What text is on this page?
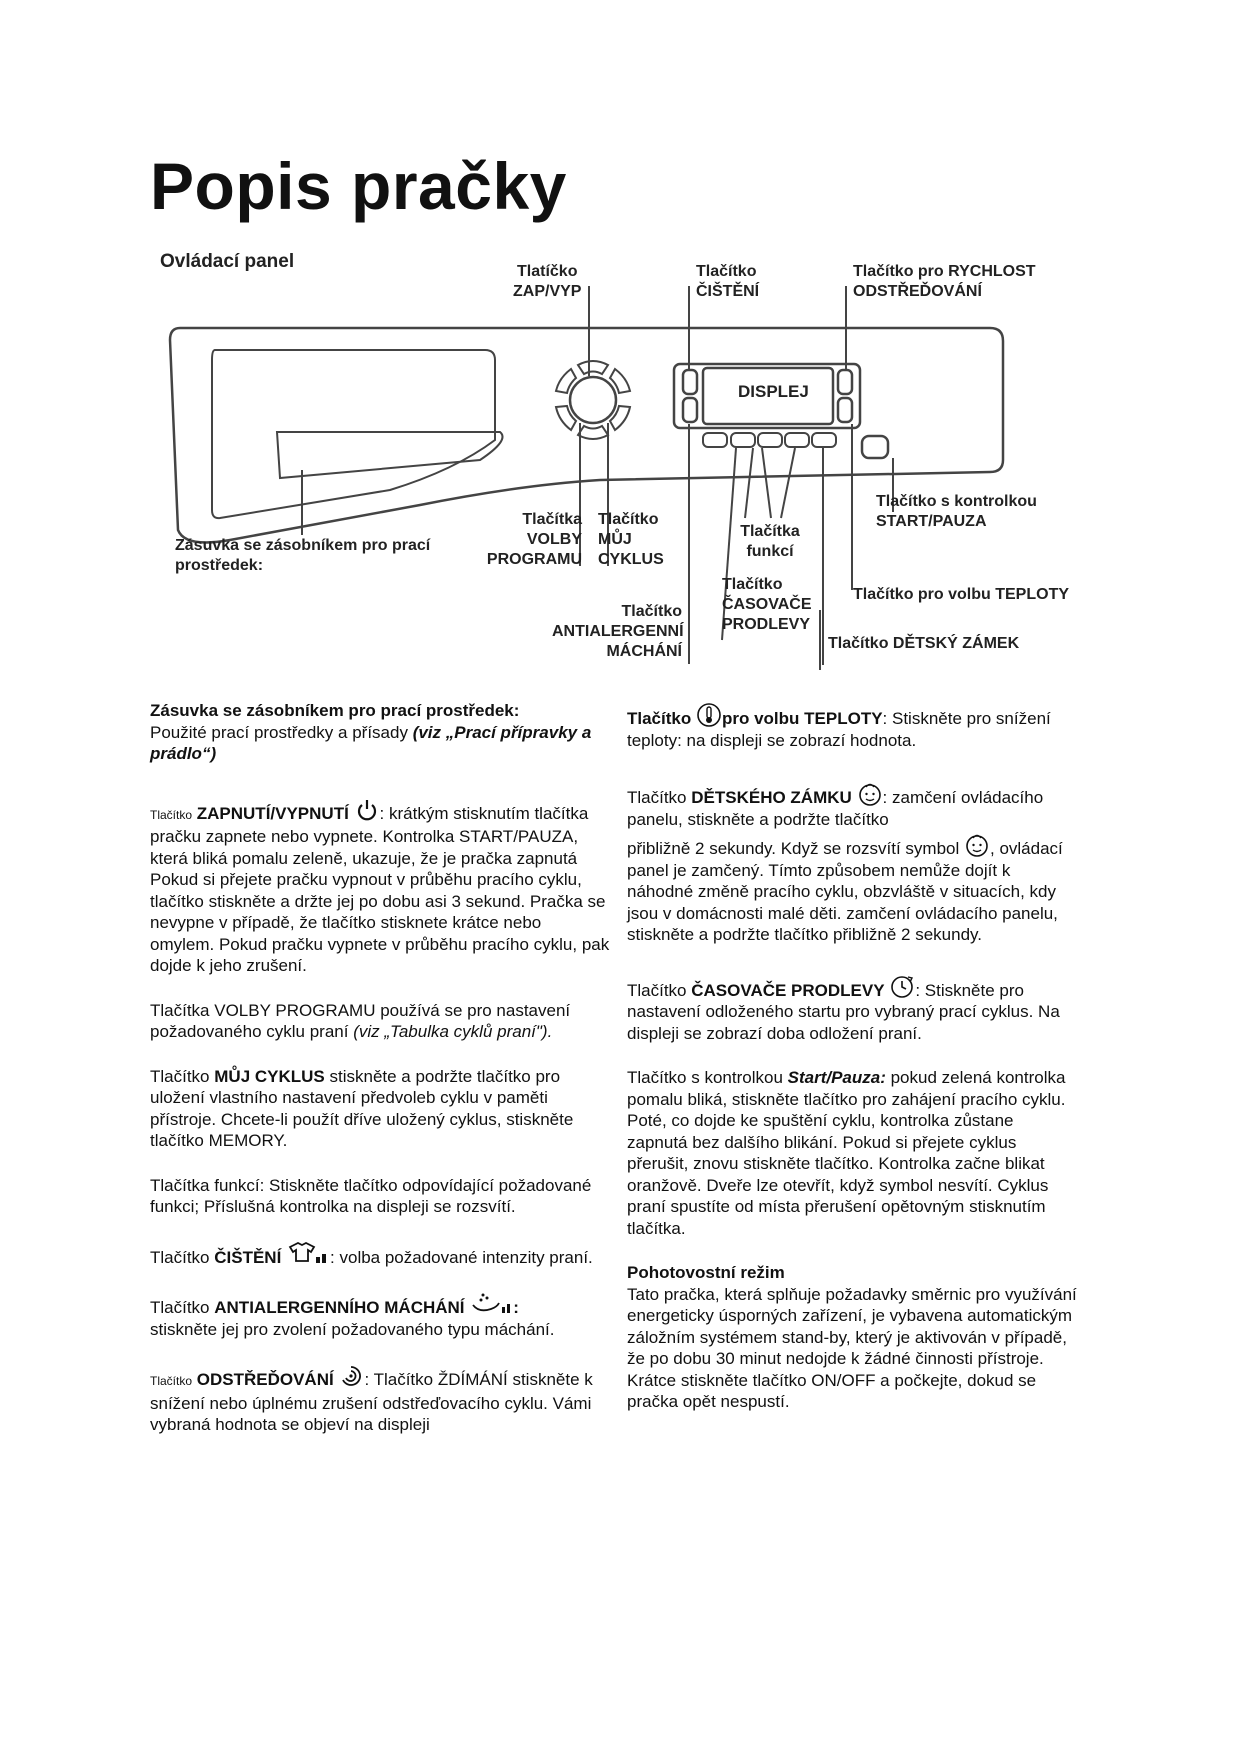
Popis pračky
DISPLEJ
Ovládací panel	Tlatíčko
ZAP/VYP
Tlačítko
ČIŠTĚNÍ
Tlačítko pro RYCHLOST
ODSTŘEĎOVÁNÍ
Tlačítko s kontrolkou
START/PAUZA
Tlačítka
VOLBY
PROGRAMU
Tlačítko
MŮJ
CYKLUS
Tlačítka
funkcí
Zásuvka se zásobníkem pro prací
prostředek:
Tlačítko
ČASOVAČE
PRODLEVY
Tlačítko pro volbu TEPLOTY
Tlačítko
ANTIALERGENNÍ
MÁCHÁNÍ	Tlačítko DĚTSKÝ ZÁMEK

Zásuvka se zásobníkem pro prací prostředek:
Použité prací prostředky a přísady (viz „Prací přípravky a prádlo“)

Tlačítko ZAPNUTÍ/VYPNUTÍ : krátkým stisknutím tlačítka pračku zapnete nebo vypnete. Kontrolka START/PAUZA, která bliká pomalu zeleně, ukazuje, že je pračka zapnutá Pokud si přejete pračku vypnout v průběhu pracího cyklu, tlačítko stiskněte a držte jej po dobu asi 3 sekund. Pračka se nevypne v případě, že tlačítko stisknete krátce nebo omylem. Pokud pračku vypnete v průběhu pracího cyklu, pak dojde k jeho zrušení.

Tlačítka VOLBY PROGRAMU používá se pro nastavení
požadovaného cyklu praní (viz „Tabulka cyklů praní").

Tlačítko MŮJ CYKLUS stiskněte a podržte tlačítko pro uložení vlastního nastavení předvoleb cyklu v paměti přístroje. Chcete-li použít dříve uložený cyklus, stiskněte tlačítko MEMORY.

Tlačítka funkcí: Stiskněte tlačítko odpovídající požadované funkci; Příslušná kontrolka na displeji se rozsvítí.

Tlačítko ČIŠTĚNÍ	: volba požadované intenzity praní.

Tlačítko ANTIALERGENNÍHO MÁCHÁNÍ	:
stiskněte jej pro zvolení požadovaného typu máchání.

Tlačítko ODSTŘEĎOVÁNÍ : Tlačítko ŽDÍMÁNÍ stiskněte k snížení nebo úplnému zrušení odstřeďovacího cyklu. Vámi vybraná hodnota se objeví na displeji

Tlačítko pro volbu TEPLOTY: Stiskněte pro snížení teploty: na displeji se zobrazí hodnota.

Tlačítko DĚTSKÉHO ZÁMKU : zamčení ovládacího panelu, stiskněte a podržte tlačítko
přibližně 2 sekundy. Když se rozsvítí symbol , ovládací panel je zamčený. Tímto způsobem nemůže dojít k náhodné změně pracího cyklu, obzvláště v situacích, kdy jsou v domácnosti malé děti. zamčení ovládacího panelu, stiskněte a podržte tlačítko přibližně 2 sekundy.

Tlačítko ČASOVAČE PRODLEVY : Stiskněte pro nastavení odloženého startu pro vybraný prací cyklus. Na displeji se zobrazí doba odložení praní.

Tlačítko s kontrolkou Start/Pauza: pokud zelená kontrolka pomalu bliká, stiskněte tlačítko pro zahájení pracího cyklu. Poté, co dojde ke spuštění cyklu, kontrolka zůstane zapnutá bez dalšího blikání. Pokud si přejete cyklus přerušit, znovu stiskněte tlačítko. Kontrolka začne blikat oranžově. Dveře lze otevřít, když symbol nesvítí. Cyklus praní spustíte od místa přerušení opětovným stisknutím tlačítka.

Pohotovostní režim
Tato pračka, která splňuje požadavky směrnic pro využívání energeticky úsporných zařízení, je vybavena automatickým záložním systémem stand-by, který je aktivován v případě, že po dobu 30 minut nedojde k žádné činnosti přístroje. Krátce stiskněte tlačítko ON/OFF a počkejte, dokud se pračka opět nespustí.
